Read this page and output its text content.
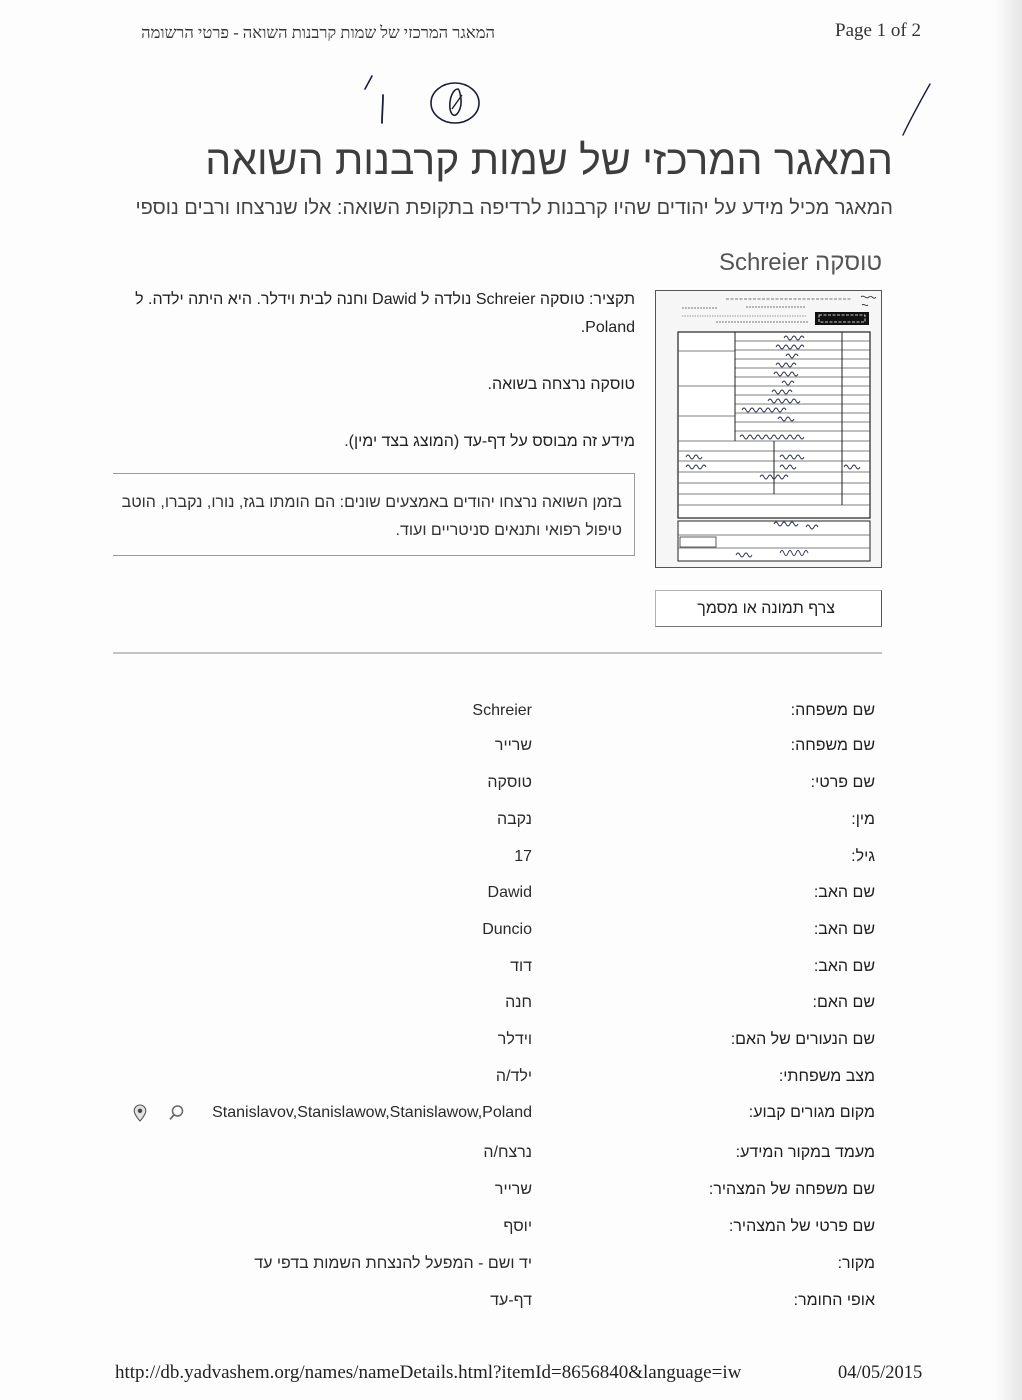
המאגר המרכזי של שמות קרבנות השואה - פרטי הרשומה	Page 1 of 2
המאגר המרכזי של שמות קרבנות השואה
המאגר מכיל מידע על יהודים שהיו קרבנות לרדיפה בתקופת השואה: אלו שנרצחו ורבים נוספי
טוסקה Schreier
תקציר: טוסקה Schreier נולדה ל Dawid וחנה לבית וידלר. היא היתה ילדה. ל
Poland.
טוסקה נרצחה בשואה.
מידע זה מבוסס על דף-עד (המוצג בצד ימין).
בזמן השואה נרצחו יהודים באמצעים שונים: הם הומתו בגז, נורו, נקברו, הוטב
טיפול רפואי ותנאים סניטריים ועוד.
צרף תמונה או מסמך
שם משפחה:
Schreier
שם משפחה:
שרייר
שם פרטי:
טוסקה
מין:
נקבה
גיל:
17
שם האב:
Dawid
שם האב:
Duncio
שם האב:
דוד
שם האם:
חנה
שם הנעורים של האם:
וידלר
מצב משפחתי:
ילד/ה
מקום מגורים קבוע:
Stanislavov,Stanislawow,Stanislawow,Poland
מעמד במקור המידע:
נרצח/ה
שם משפחה של המצהיר:
שרייר
שם פרטי של המצהיר:
יוסף
מקור:
יד ושם - המפעל להנצחת השמות בדפי עד
אופי החומר:
דף-עד
http://db.yadvashem.org/names/nameDetails.html?itemId=8656840&language=iw	04/05/2015
